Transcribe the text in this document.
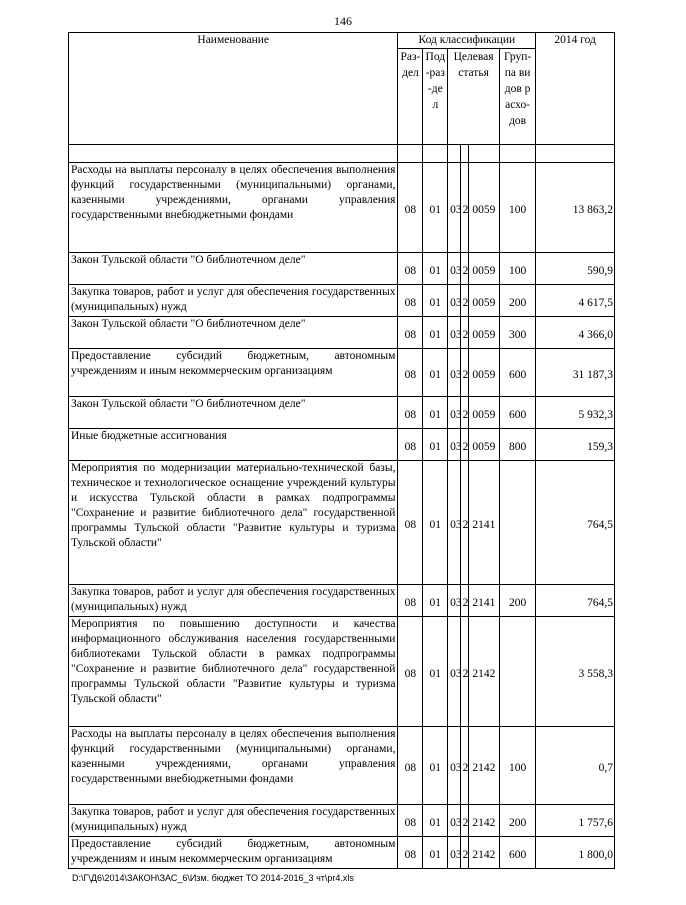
146
Наименование	Код классификации						2014 год

	Раз-дел	Под-раз-дел	Целевая статья			Груп-па видов расхо-дов	

Расходы на выплаты персоналу в целях обеспечения выполнения функций государственными (муниципальными) органами, казенными учреждениями, органами управления государственными внебюджетными фондами	08	01	03	2	0059	100	13 863,2
Закон Тульской области "О библиотечном деле"	08	01	03	2	0059	100	590,9
Закупка товаров, работ и услуг для обеспечения государственных (муниципальных) нужд	08	01	03	2	0059	200	4 617,5
Закон Тульской области "О библиотечном деле"	08	01	03	2	0059	300	4 366,0
Предоставление субсидий бюджетным, автономным учреждениям и иным некоммерческим организациям	08	01	03	2	0059	600	31 187,3
Закон Тульской области "О библиотечном деле"	08	01	03	2	0059	600	5 932,3
Иные бюджетные ассигнования	08	01	03	2	0059	800	159,3
Мероприятия по модернизации материально-технической базы, техническое и технологическое оснащение учреждений культуры и искусства Тульской области в рамках подпрограммы "Сохранение и развитие библиотечного дела" государственной программы Тульской области "Развитие культуры и туризма Тульской области"	08	01	03	2	2141		764,5
Закупка товаров, работ и услуг для обеспечения государственных (муниципальных) нужд	08	01	03	2	2141	200	764,5
Мероприятия по повышению доступности и качества информационного обслуживания населения государственными библиотеками Тульской области в рамках подпрограммы "Сохранение и развитие библиотечного дела" государственной программы Тульской области "Развитие культуры и туризма Тульской области"	08	01	03	2	2142		3 558,3
Расходы на выплаты персоналу в целях обеспечения выполнения функций государственными (муниципальными) органами, казенными учреждениями, органами управления государственными внебюджетными фондами	08	01	03	2	2142	100	0,7
Закупка товаров, работ и услуг для обеспечения государственных (муниципальных) нужд	08	01	03	2	2142	200	1 757,6
Предоставление субсидий бюджетным, автономным учреждениям и иным некоммерческим организациям	08	01	03	2	2142	600	1 800,0
D:\Г\Д6\2014\ЗАКОН\ЗАС_6\Изм. бюджет ТО 2014-2016_3 чт\pr4.xls
